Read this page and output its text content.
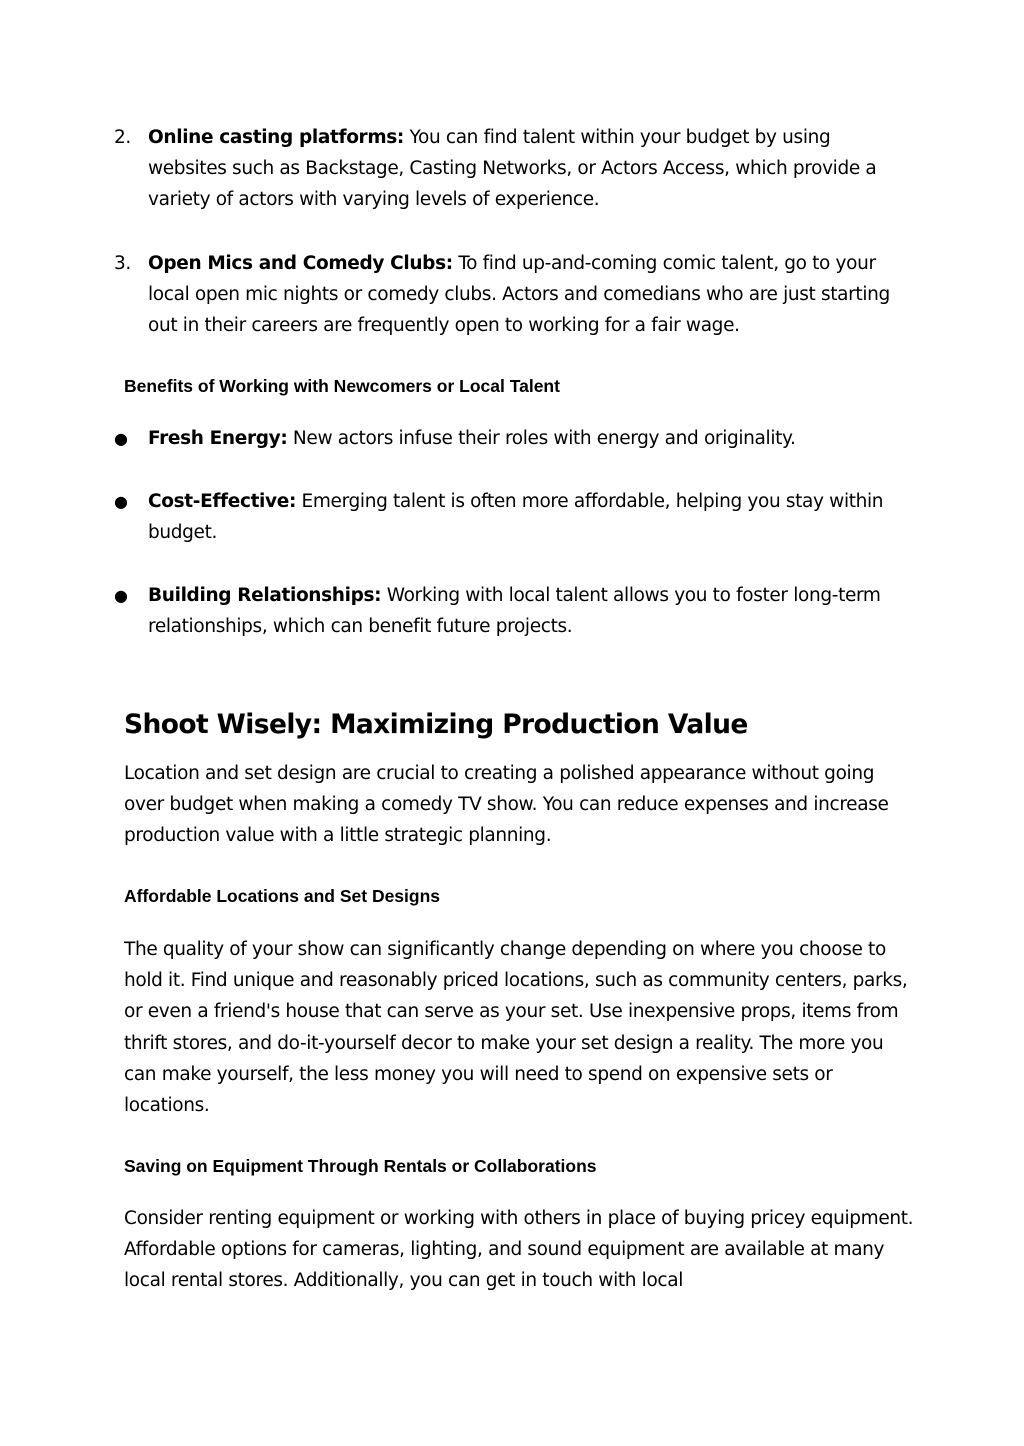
2. Online casting platforms: You can find talent within your budget by using websites such as Backstage, Casting Networks, or Actors Access, which provide a variety of actors with varying levels of experience.
3. Open Mics and Comedy Clubs: To find up-and-coming comic talent, go to your local open mic nights or comedy clubs. Actors and comedians who are just starting out in their careers are frequently open to working for a fair wage.
Benefits of Working with Newcomers or Local Talent
● Fresh Energy: New actors infuse their roles with energy and originality.
● Cost-Effective: Emerging talent is often more affordable, helping you stay within budget.
● Building Relationships: Working with local talent allows you to foster long-term relationships, which can benefit future projects.
Shoot Wisely: Maximizing Production Value
Location and set design are crucial to creating a polished appearance without going over budget when making a comedy TV show. You can reduce expenses and increase production value with a little strategic planning.
Affordable Locations and Set Designs
The quality of your show can significantly change depending on where you choose to hold it. Find unique and reasonably priced locations, such as community centers, parks, or even a friend's house that can serve as your set. Use inexpensive props, items from thrift stores, and do-it-yourself decor to make your set design a reality. The more you can make yourself, the less money you will need to spend on expensive sets or locations.
Saving on Equipment Through Rentals or Collaborations
Consider renting equipment or working with others in place of buying pricey equipment. Affordable options for cameras, lighting, and sound equipment are available at many local rental stores. Additionally, you can get in touch with local
